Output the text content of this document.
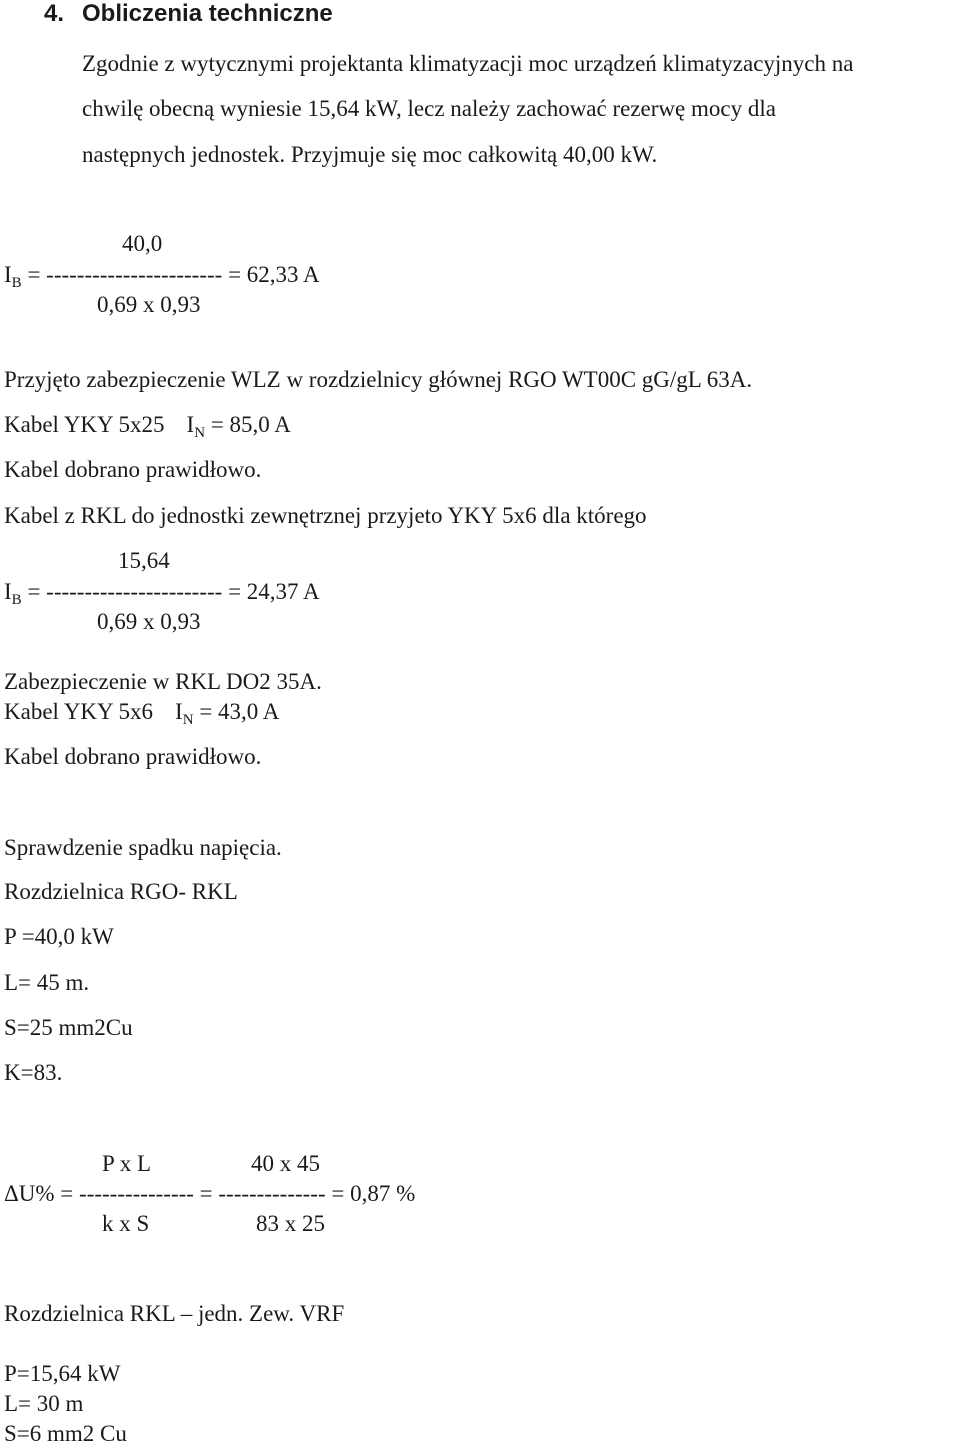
4. Obliczenia techniczne
Zgodnie z wytycznymi projektanta klimatyzacji moc urządzeń klimatyzacyjnych na
chwilę obecną wyniesie 15,64 kW, lecz należy zachować rezerwę mocy dla
następnych jednostek. Przyjmuje się moc całkowitą 40,00 kW.
40,0
$I_B$ = ----------------------- = 62,33 A
0,69 x 0,93
Przyjęto zabezpieczenie WLZ w rozdzielnicy głównej RGO WT00C gG/gL 63A.
Kabel YKY 5x25 $I_N = 85,0$ A
Kabel dobrano prawidłowo.
Kabel z RKL do jednostki zewnętrznej przyjeto YKY 5x6 dla którego
15,64
$I_B$ = ----------------------- = 24,37 A
0,69 x 0,93
Zabezpieczenie w RKL DO2 35A.
Kabel YKY 5x6 $I_N = 43,0$ A
Kabel dobrano prawidłowo.
Sprawdzenie spadku napięcia.
Rozdzielnica RGO- RKL
P =40,0 kW
L= 45 m.
S=25 mm2Cu
K=83.
P x L	40 x 45
ΔU% = --------------- = -------------- = 0,87 %
k x S	83 x 25
Rozdzielnica RKL – jedn. Zew. VRF
P=15,64 kW
L= 30 m
S=6 mm2 Cu
